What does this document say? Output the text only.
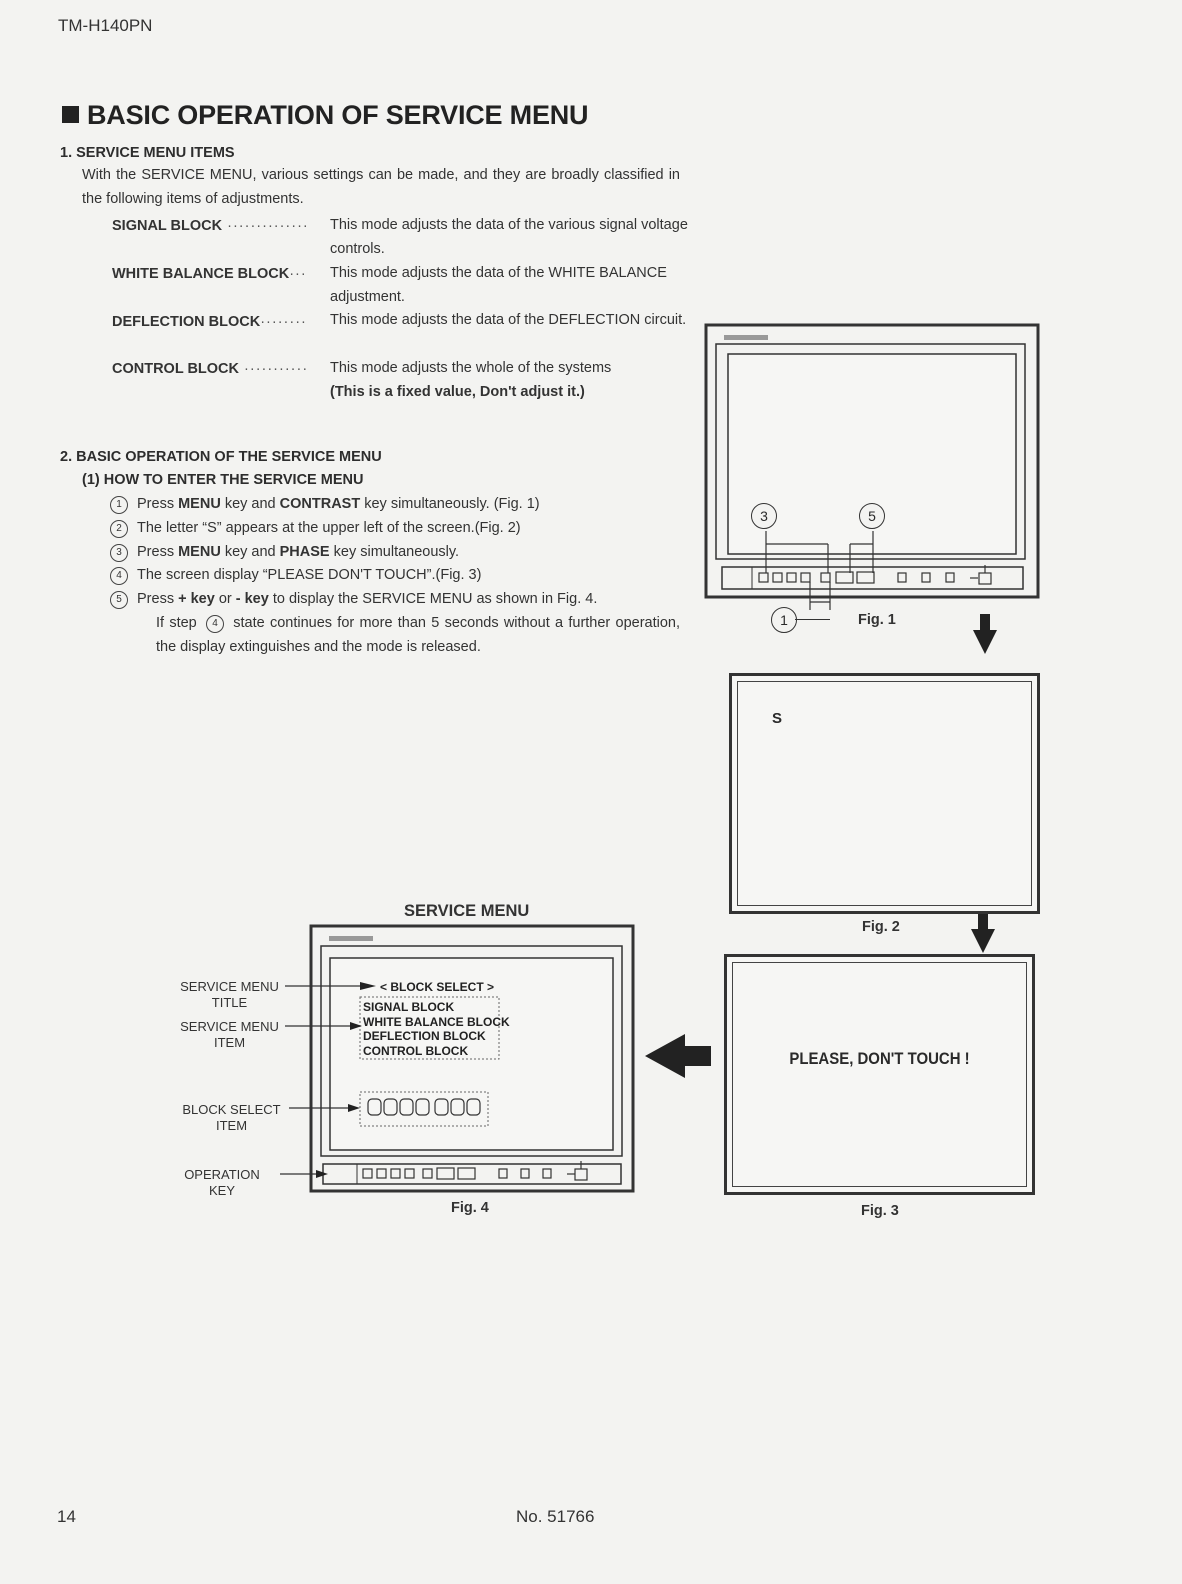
TM-H140PN
BASIC OPERATION OF SERVICE MENU
1. SERVICE MENU ITEMS
With the SERVICE MENU, various settings can be made, and they are broadly classified in the following items of adjustments.
SIGNAL BLOCK ·············· This mode adjusts the data of the various signal voltage controls.
WHITE BALANCE BLOCK··· This mode adjusts the data of the WHITE BALANCE adjustment.
DEFLECTION BLOCK········ This mode adjusts the data of the DEFLECTION circuit.
CONTROL BLOCK ··········· This mode adjusts the whole of the systems
(This is a fixed value, Don't adjust it.)
2. BASIC OPERATION OF THE SERVICE MENU
(1) HOW TO ENTER THE SERVICE MENU
1 Press MENU key and CONTRAST key simultaneously. (Fig. 1)
2 The letter “S” appears at the upper left of the screen.(Fig. 2)
3 Press MENU key and PHASE key simultaneously.
4 The screen display “PLEASE DON'T TOUCH”.(Fig. 3)
5 Press + key or - key to display the SERVICE MENU as shown in Fig. 4.
If step 4 state continues for more than 5 seconds without a further operation, the display extinguishes and the mode is released.
3	5
1	Fig. 1
S
Fig. 2
PLEASE, DON'T TOUCH !
Fig. 3
SERVICE MENU
< BLOCK SELECT >
SIGNAL BLOCK
WHITE BALANCE BLOCK
DEFLECTION BLOCK
CONTROL BLOCK
SERVICE MENU
TITLE
SERVICE MENU
ITEM
BLOCK SELECT
ITEM
OPERATION
KEY
Fig. 4
14	No. 51766
